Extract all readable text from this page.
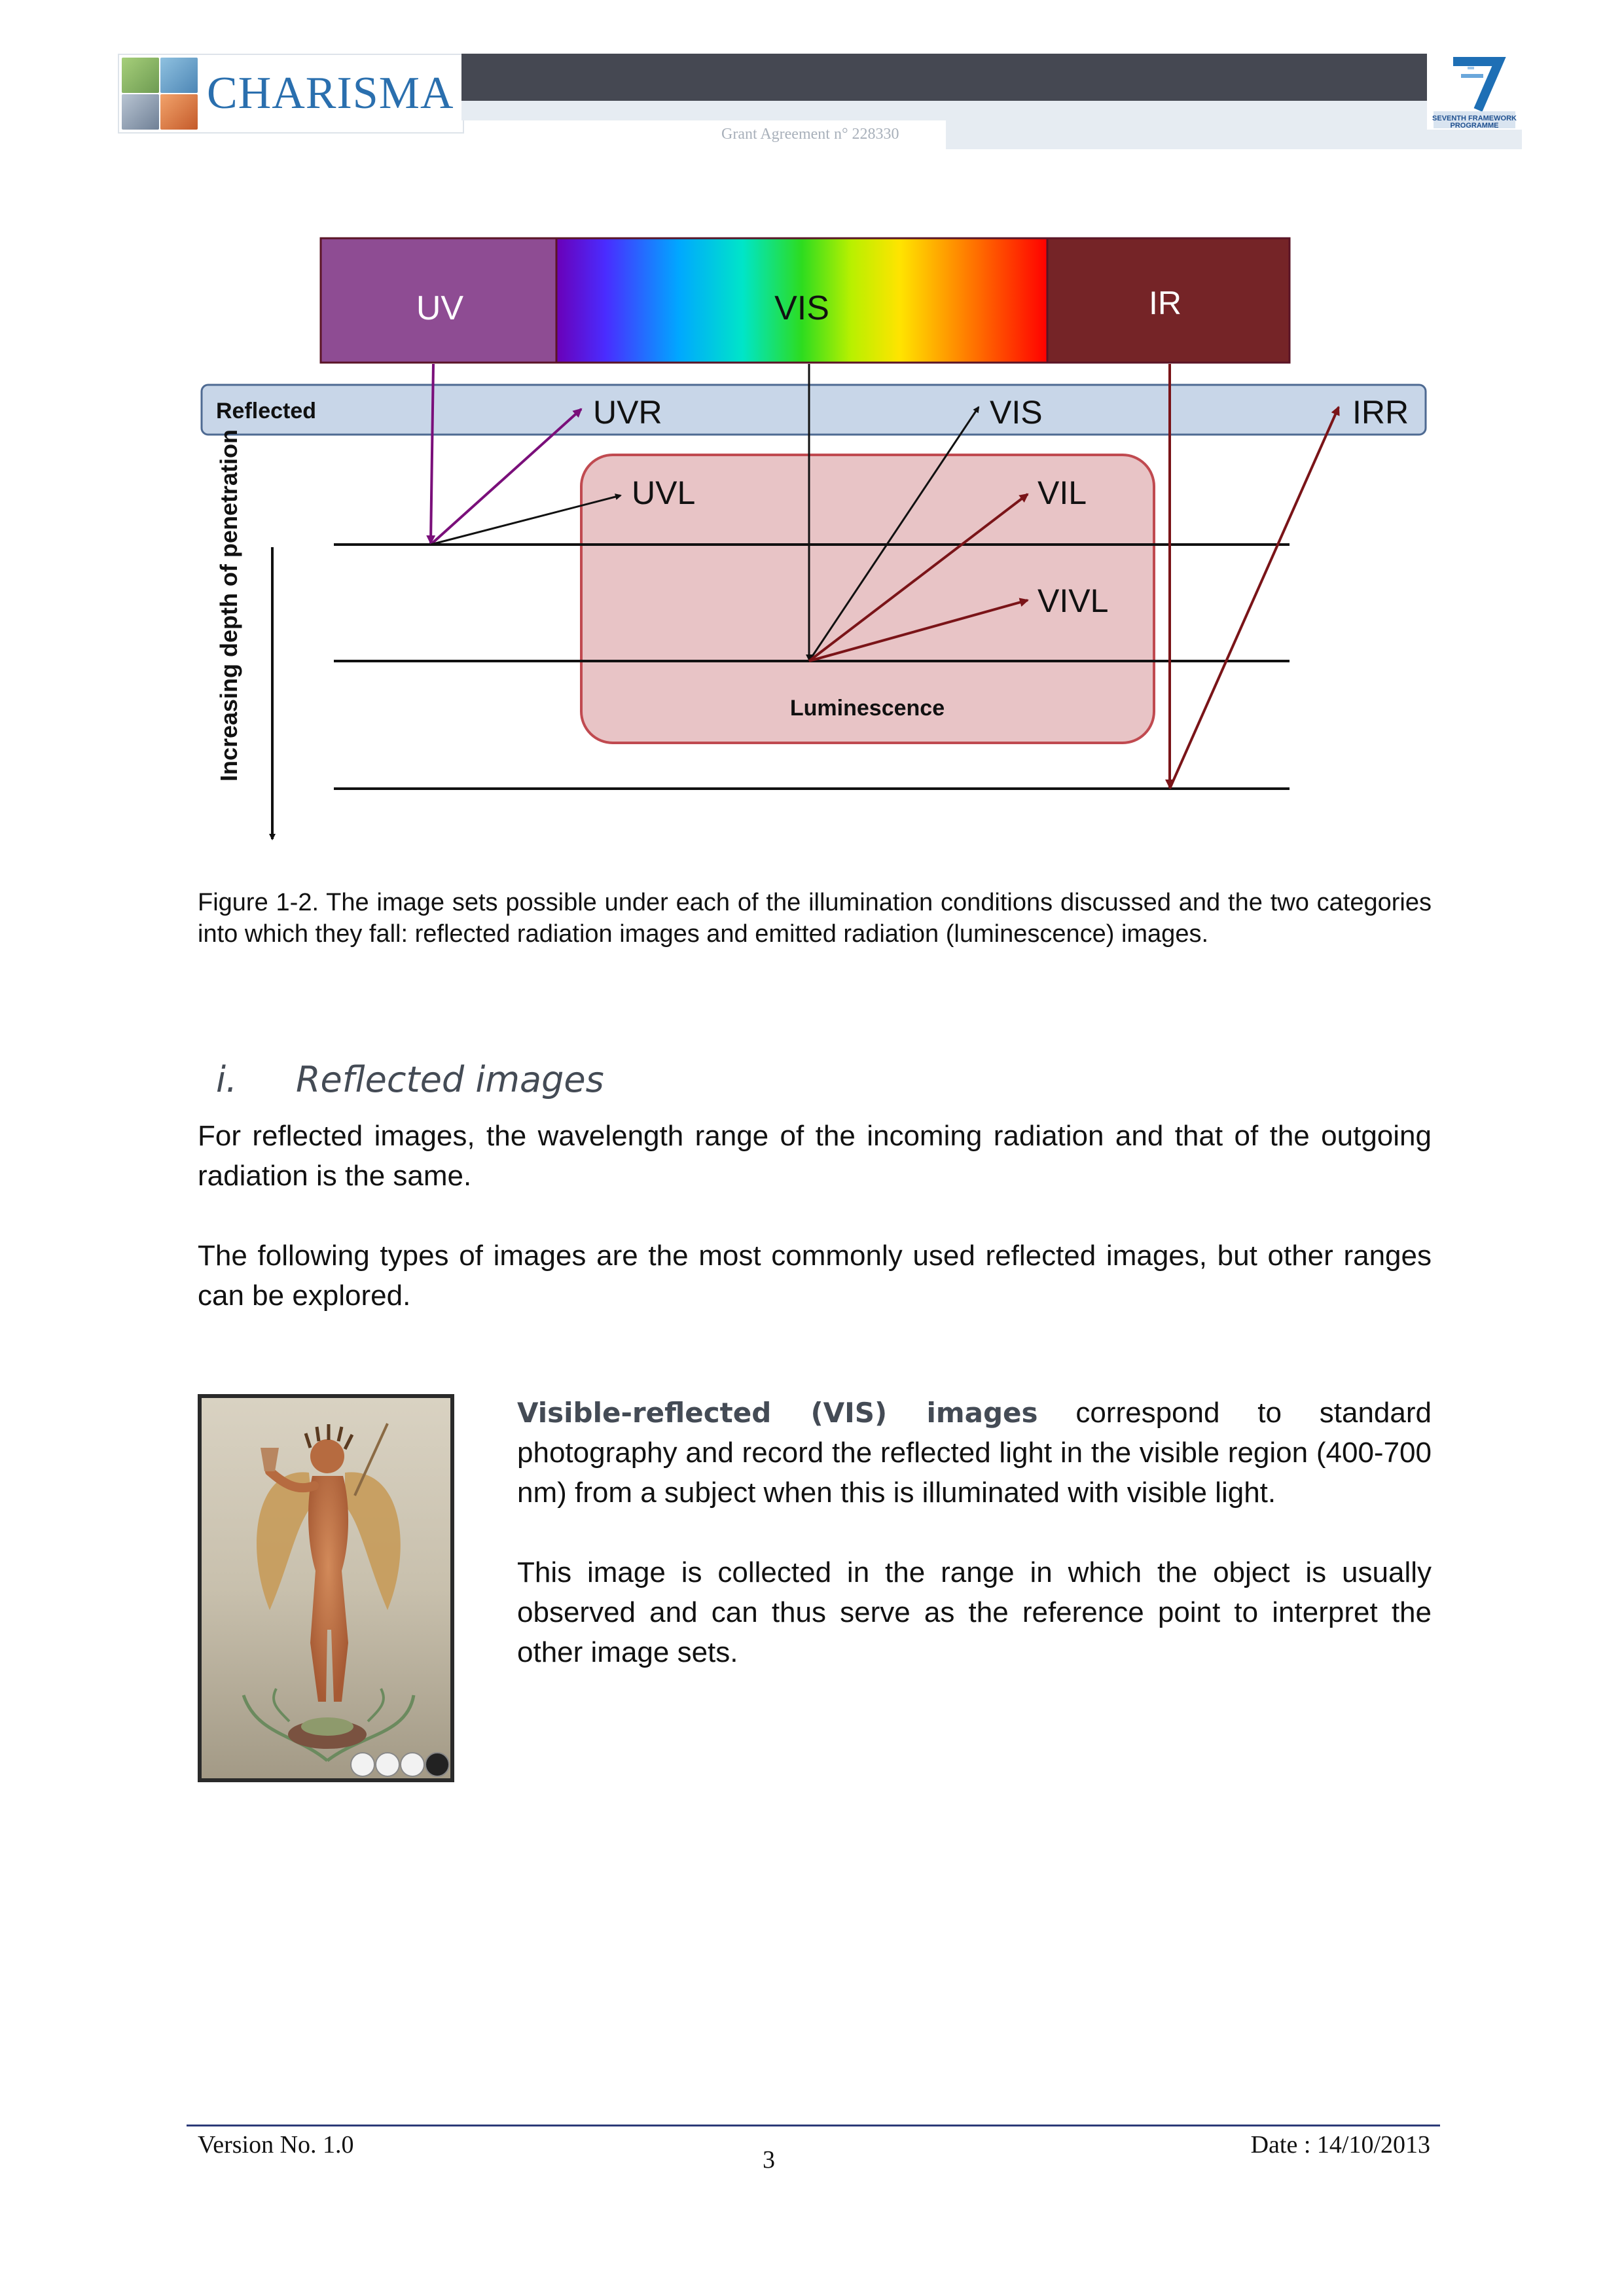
CHARISMA
Grant Agreement n° 228330
SEVENTH FRAMEWORK
PROGRAMME
UV	VIS	IR
Reflected	UVR	VIS	IRR
UVL	VIL
VIVL
Luminescence
Increasing depth of penetration
Figure 1-2. The image sets possible under each of the illumination conditions discussed and the two categories into which they fall: reflected radiation images and emitted radiation (luminescence) images.
i. Reflected images
For reflected images, the wavelength range of the incoming radiation and that of the outgoing radiation is the same.
The following types of images are the most commonly used reflected images, but other ranges can be explored.
Visible-reflected (VIS) images correspond to standard photography and record the reflected light in the visible region (400-700 nm) from a subject when this is illuminated with visible light.
This image is collected in the range in which the object is usually observed and can thus serve as the reference point to interpret the other image sets.
Version No. 1.0
3
Date : 14/10/2013
